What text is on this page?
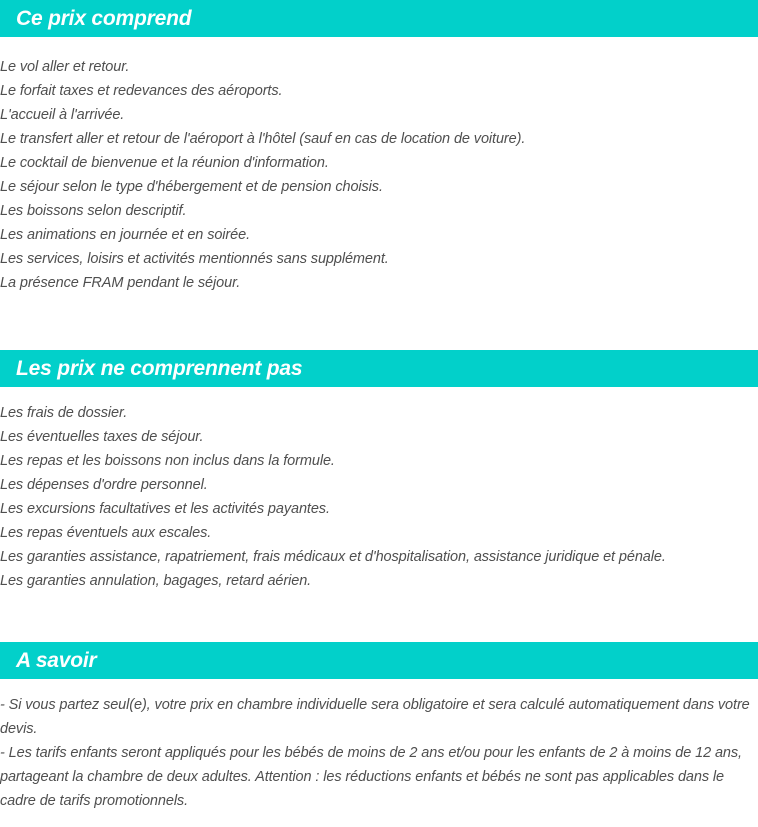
Ce prix comprend
Le vol aller et retour.
Le forfait taxes et redevances des aéroports.
L'accueil à l'arrivée.
Le transfert aller et retour de l'aéroport à l'hôtel (sauf en cas de location de voiture).
Le cocktail de bienvenue et la réunion d'information.
Le séjour selon le type d'hébergement et de pension choisis.
Les boissons selon descriptif.
Les animations en journée et en soirée.
Les services, loisirs et activités mentionnés sans supplément.
La présence FRAM pendant le séjour.
Les prix ne comprennent pas
Les frais de dossier.
Les éventuelles taxes de séjour.
Les repas et les boissons non inclus dans la formule.
Les dépenses d'ordre personnel.
Les excursions facultatives et les activités payantes.
Les repas éventuels aux escales.
Les garanties assistance, rapatriement, frais médicaux et d'hospitalisation, assistance juridique et pénale.
Les garanties annulation, bagages, retard aérien.
A savoir
- Si vous partez seul(e), votre prix en chambre individuelle sera obligatoire et sera calculé automatiquement dans votre devis.
- Les tarifs enfants seront appliqués pour les bébés de moins de 2 ans et/ou pour les enfants de 2 à moins de 12 ans, partageant la chambre de deux adultes. Attention : les réductions enfants et bébés ne sont pas applicables dans le cadre de tarifs promotionnels.
